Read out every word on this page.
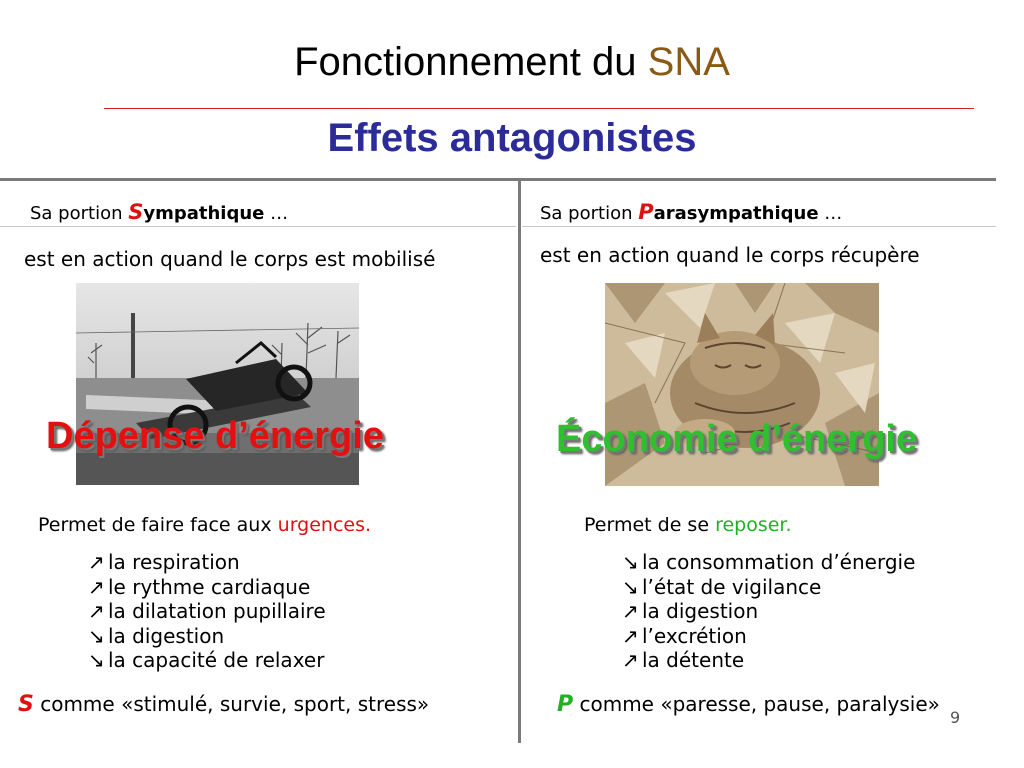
Fonctionnement du SNA
Effets antagonistes
Sa portion Sympathique …
est en action quand le corps est mobilisé
Dépense d’énergie
Permet de faire face aux urgences.
↗ la respiration
↗ le rythme cardiaque
↗ la dilatation pupillaire
↘ la digestion
↘ la capacité de relaxer
S comme «stimulé, survie, sport, stress»
Sa portion Parasympathique …
est en action quand le corps récupère
Économie d’énergie
Permet de se reposer.
↘ la consommation d’énergie
↘ l’état de vigilance
↗ la digestion
↗ l’excrétion
↗ la détente
P comme «paresse, pause, paralysie»
9
